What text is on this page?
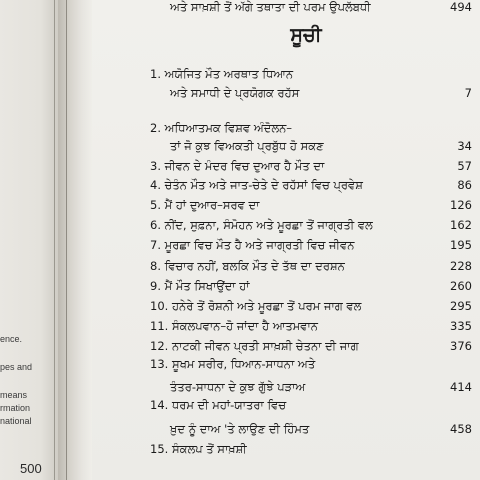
ence.
pes and
means
rmation
national
500
ਸੂਚੀ
1. ਅਯੋਜਿਤ ਮੌਤ ਅਰਥਾਤ ਧਿਆਨ
ਅਤੇ ਸਮਾਧੀ ਦੇ ਪ੍ਰਯੋਗਕ ਰਹੱਸ	7
2. ਅਧਿਆਤਮਕ ਵਿਸ਼ਵ ਅੰਦੋਲਨ–
ਤਾਂ ਜੋ ਕੁਝ ਵਿਅਕਤੀ ਪ੍ਰਬੁੱਧ ਹੋ ਸਕਣ	34
3. ਜੀਵਨ ਦੇ ਮੰਦਰ ਵਿਚ ਦੁਆਰ ਹੈ ਮੌਤ ਦਾ	57
4. ਚੇਤੰਨ ਮੌਤ ਅਤੇ ਜਾਤ-ਚੇਤੇ ਦੇ ਰਹੱਸਾਂ ਵਿਚ ਪ੍ਰਵੇਸ਼	86
5. ਮੈਂ ਹਾਂ ਦੁਆਰ–ਸਰਵ ਦਾ	126
6. ਨੀਂਦ, ਸੁਫ਼ਨਾ, ਸੰਮੋਹਨ ਅਤੇ ਮੂਰਛਾ ਤੋਂ ਜਾਗ੍ਰਤੀ ਵਲ	162
7. ਮੂਰਛਾ ਵਿਚ ਮੌਤ ਹੈ ਅਤੇ ਜਾਗ੍ਰਤੀ ਵਿਚ ਜੀਵਨ	195
8. ਵਿਚਾਰ ਨਹੀਂ, ਬਲਕਿ ਮੌਤ ਦੇ ਤੱਥ ਦਾ ਦਰਸ਼ਨ	228
9. ਮੈਂ ਮੌਤ ਸਿਖਾਉਂਦਾ ਹਾਂ	260
10. ਹਨੇਰੇ ਤੋਂ ਰੋਸ਼ਨੀ ਅਤੇ ਮੂਰਛਾ ਤੋਂ ਪਰਮ ਜਾਗ ਵਲ	295
11. ਸੰਕਲਪਵਾਨ–ਹੋ ਜਾਂਦਾ ਹੈ ਆਤਮਵਾਨ	335
12. ਨਾਟਕੀ ਜੀਵਨ ਪ੍ਰਤੀ ਸਾਖ਼ਸ਼ੀ ਚੇਤਨਾ ਦੀ ਜਾਗ	376
13. ਸੂਖਮ ਸਰੀਰ, ਧਿਆਨ-ਸਾਧਨਾ ਅਤੇ
ਤੰਤਰ-ਸਾਧਨਾ ਦੇ ਕੁਝ ਗੁੱਝੇ ਪੜਾਅ	414
14. ਧਰਮ ਦੀ ਮਹਾਂ-ਯਾਤਰਾ ਵਿਚ
ਖ਼ੁਦ ਨੂੰ ਦਾਅ 'ਤੇ ਲਾਉਣ ਦੀ ਹਿੰਮਤ	458
15. ਸੰਕਲਪ ਤੋਂ ਸਾਖ਼ਸ਼ੀ
ਅਤੇ ਸਾਖ਼ਸ਼ੀ ਤੋਂ ਅੱਗੇ ਤਥਾਤਾ ਦੀ ਪਰਮ ਉਪਲੱਬਧੀ	494
